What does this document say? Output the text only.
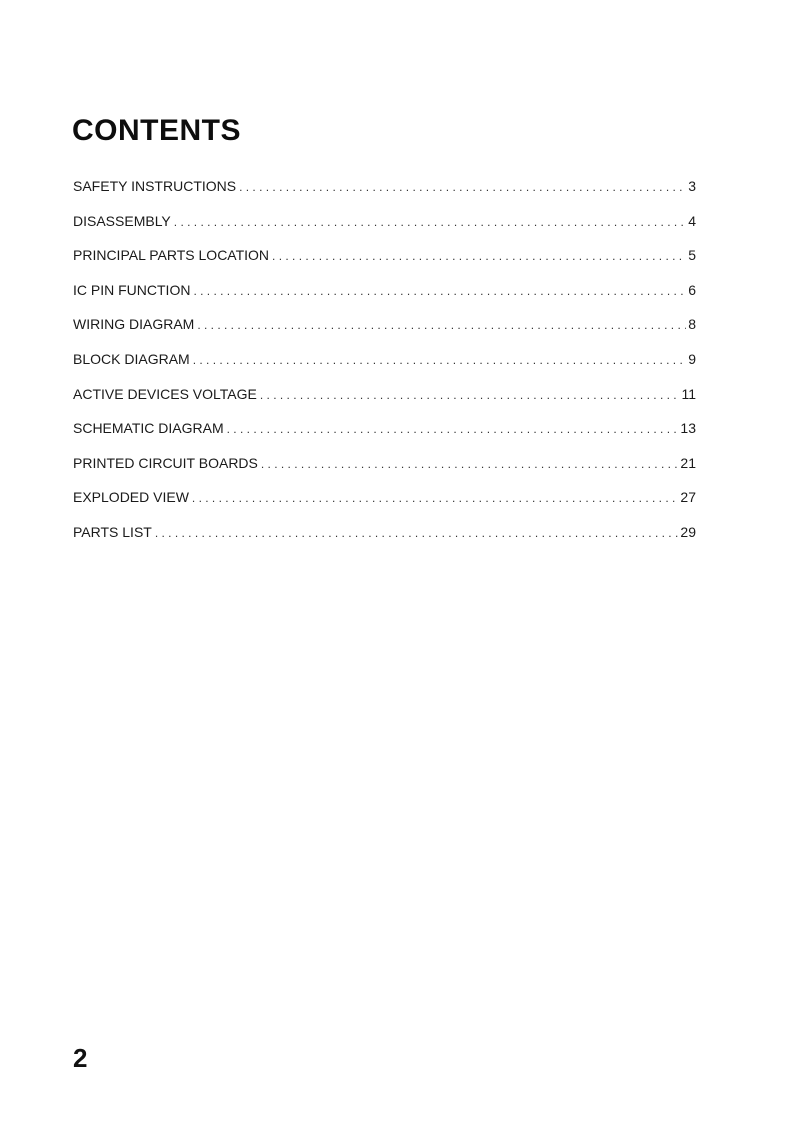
CONTENTS
SAFETY INSTRUCTIONS . . .	3
DISASSEMBLY . . .	4
PRINCIPAL PARTS LOCATION . . .	5
IC PIN FUNCTION . . .	6
WIRING DIAGRAM . . .	8
BLOCK DIAGRAM . . .	9
ACTIVE DEVICES VOLTAGE . . .	11
SCHEMATIC DIAGRAM . . .	13
PRINTED CIRCUIT BOARDS . . .	21
EXPLODED VIEW . . .	27
PARTS LIST . . .	29
2
